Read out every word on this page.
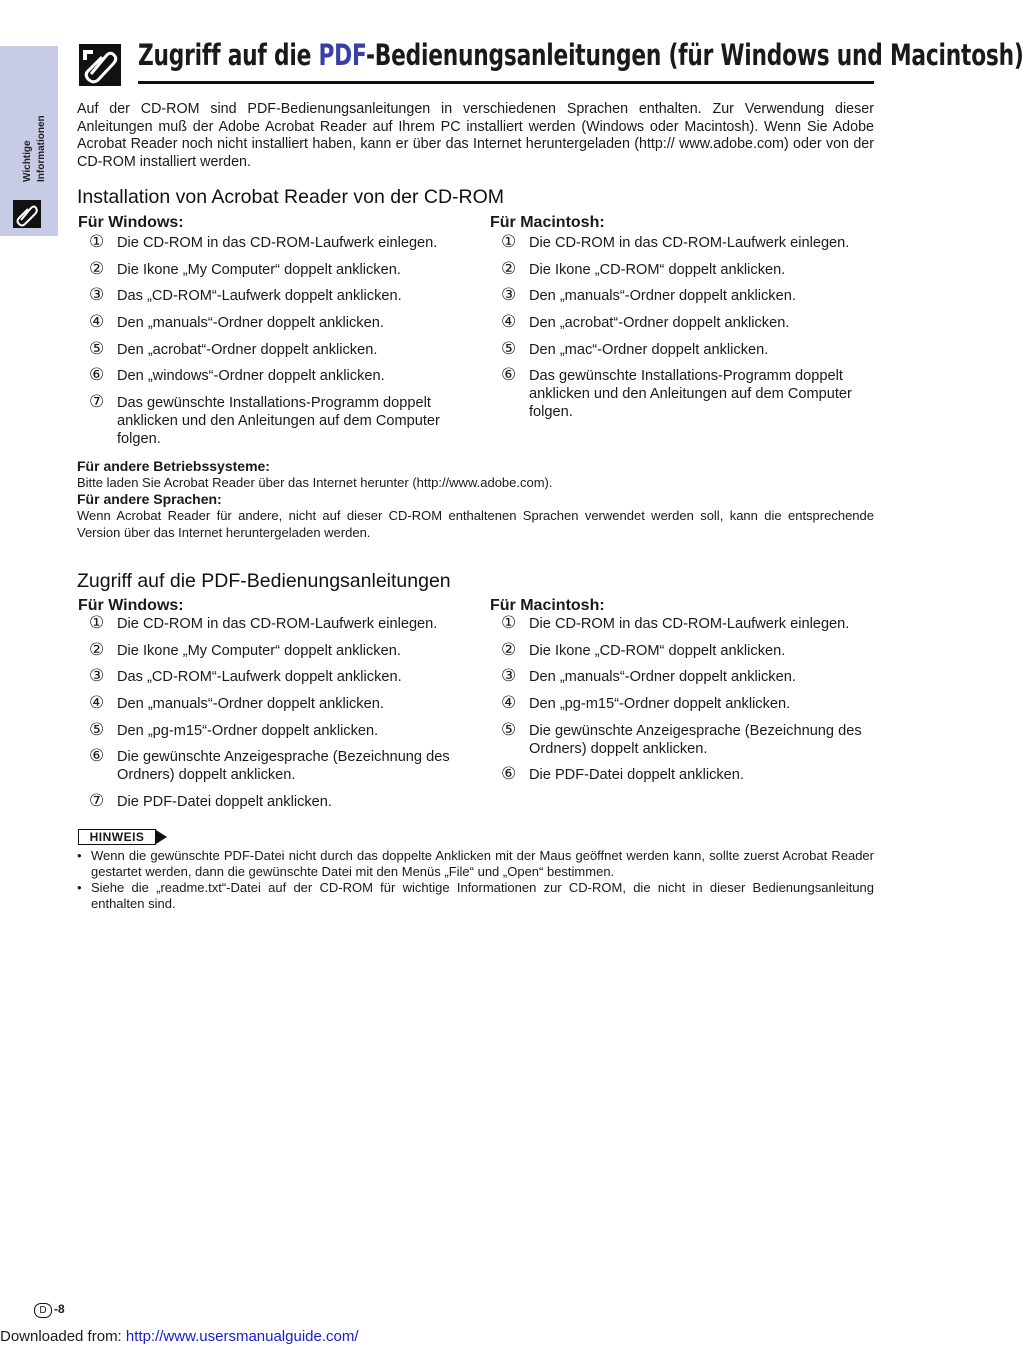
Wichtige Informationen
Zugriff auf die PDF-Bedienungsanleitungen (für Windows und Macintosh)
Auf der CD-ROM sind PDF-Bedienungsanleitungen in verschiedenen Sprachen enthalten. Zur Verwendung dieser Anleitungen muß der Adobe Acrobat Reader auf Ihrem PC installiert werden (Windows oder Macintosh). Wenn Sie Adobe Acrobat Reader noch nicht installiert haben, kann er über das Internet heruntergeladen (http:// www.adobe.com) oder von der CD-ROM installiert werden.
Installation von Acrobat Reader von der CD-ROM
Für Windows:
① Die CD-ROM in das CD-ROM-Laufwerk einlegen.
② Die Ikone „My Computer“ doppelt anklicken.
③ Das „CD-ROM“-Laufwerk doppelt anklicken.
④ Den „manuals“-Ordner doppelt anklicken.
⑤ Den „acrobat“-Ordner doppelt anklicken.
⑥ Den „windows“-Ordner doppelt anklicken.
⑦ Das gewünschte Installations-Programm doppelt anklicken und den Anleitungen auf dem Computer folgen.
Für Macintosh:
① Die CD-ROM in das CD-ROM-Laufwerk einlegen.
② Die Ikone „CD-ROM“ doppelt anklicken.
③ Den „manuals“-Ordner doppelt anklicken.
④ Den „acrobat“-Ordner doppelt anklicken.
⑤ Den „mac“-Ordner doppelt anklicken.
⑥ Das gewünschte Installations-Programm doppelt anklicken und den Anleitungen auf dem Computer folgen.
Für andere Betriebssysteme:
Bitte laden Sie Acrobat Reader über das Internet herunter (http://www.adobe.com).
Für andere Sprachen:
Wenn Acrobat Reader für andere, nicht auf dieser CD-ROM enthaltenen Sprachen verwendet werden soll, kann die entsprechende Version über das Internet heruntergeladen werden.
Zugriff auf die PDF-Bedienungsanleitungen
Für Windows:
① Die CD-ROM in das CD-ROM-Laufwerk einlegen.
② Die Ikone „My Computer“ doppelt anklicken.
③ Das „CD-ROM“-Laufwerk doppelt anklicken.
④ Den „manuals“-Ordner doppelt anklicken.
⑤ Den „pg-m15“-Ordner doppelt anklicken.
⑥ Die gewünschte Anzeigesprache (Bezeichnung des Ordners) doppelt anklicken.
⑦ Die PDF-Datei doppelt anklicken.
Für Macintosh:
① Die CD-ROM in das CD-ROM-Laufwerk einlegen.
② Die Ikone „CD-ROM“ doppelt anklicken.
③ Den „manuals“-Ordner doppelt anklicken.
④ Den „pg-m15“-Ordner doppelt anklicken.
⑤ Die gewünschte Anzeigesprache (Bezeichnung des Ordners) doppelt anklicken.
⑥ Die PDF-Datei doppelt anklicken.
HINWEIS
• Wenn die gewünschte PDF-Datei nicht durch das doppelte Anklicken mit der Maus geöffnet werden kann, sollte zuerst Acrobat Reader gestartet werden, dann die gewünschte Datei mit den Menüs „File“ und „Open“ bestimmen.
• Siehe die „readme.txt“-Datei auf der CD-ROM für wichtige Informationen zur CD-ROM, die nicht in dieser Bedienungsanleitung enthalten sind.
D -8
Downloaded from: http://www.usersmanualguide.com/
